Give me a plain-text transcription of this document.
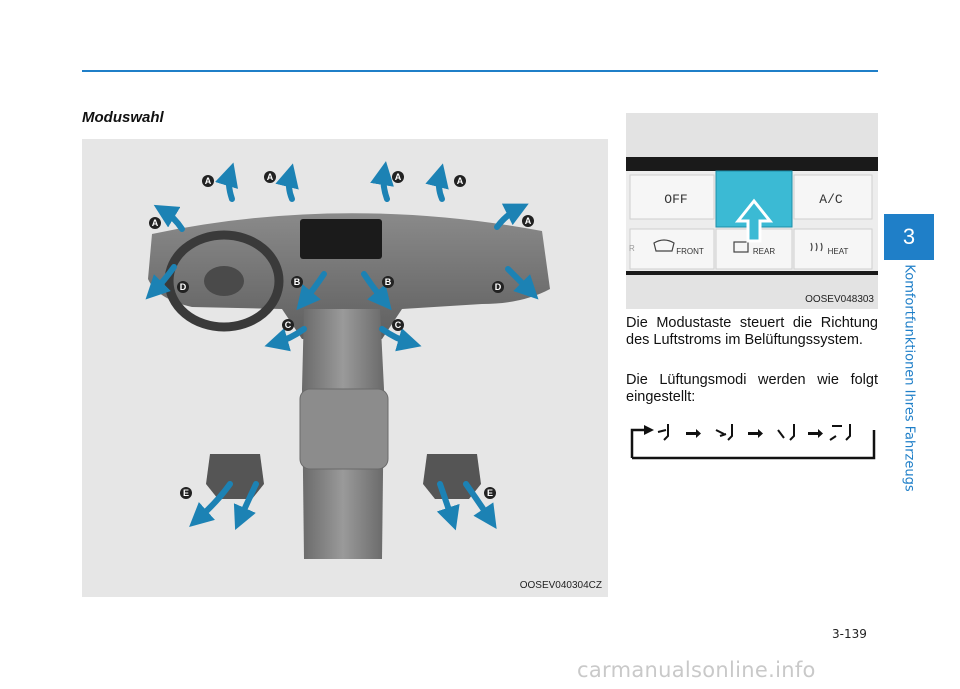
Moduswahl
A	A	A	A
A	A
B	B
C	C
D	D
E	E
OOSEV040304CZ
OFF	A/C
FRONT
R	REAR	HEAT
OOSEV048303
Die Modustaste steuert die Richtung des Luftstroms im Belüftungssystem.
Die Lüftungsmodi werden wie folgt eingestellt:
3
Komfortfunktionen Ihres Fahrzeugs
3-139
carmanualsonline.info
